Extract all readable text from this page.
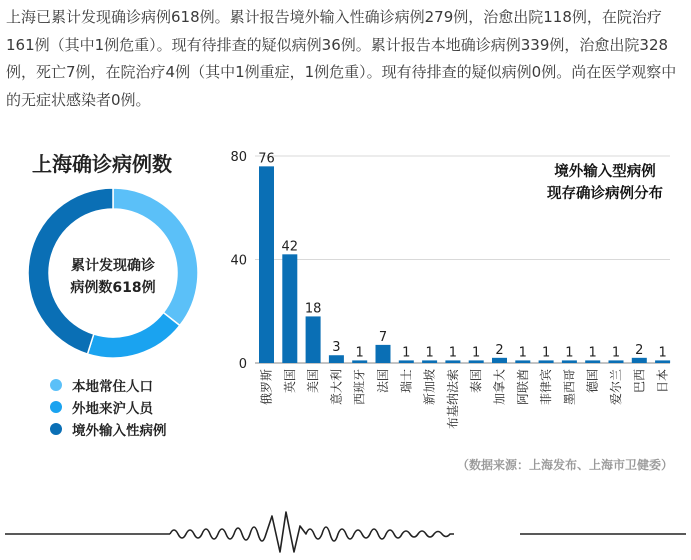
上海已累计发现确诊病例618例。累计报告境外输入性确诊病例279例，治愈出院118例，在院治疗161例（其中1例危重）。现有待排查的疑似病例36例。累计报告本地确诊病例339例，治愈出院328例，死亡7例，在院治疗4例（其中1例重症，1例危重）。现有待排查的疑似病例0例。尚在医学观察中的无症状感染者0例。

上海确诊病例数
累计发现确诊
病例数618例
本地常住人口
外地来沪人员
境外输入性病例
0
40
80
境外输入型病例
现存确诊病例分布
76
俄罗斯
42
英国
18
美国
3
意大利
1
西班牙
7
法国
1
瑞士
1
新加坡
1
布基纳法索
1
泰国
2
加拿大
1
阿联酋
1
菲律宾
1
墨西哥
1
德国
1
爱尔兰
2
巴西
1
日本

（数据来源：上海发布、上海市卫健委）
